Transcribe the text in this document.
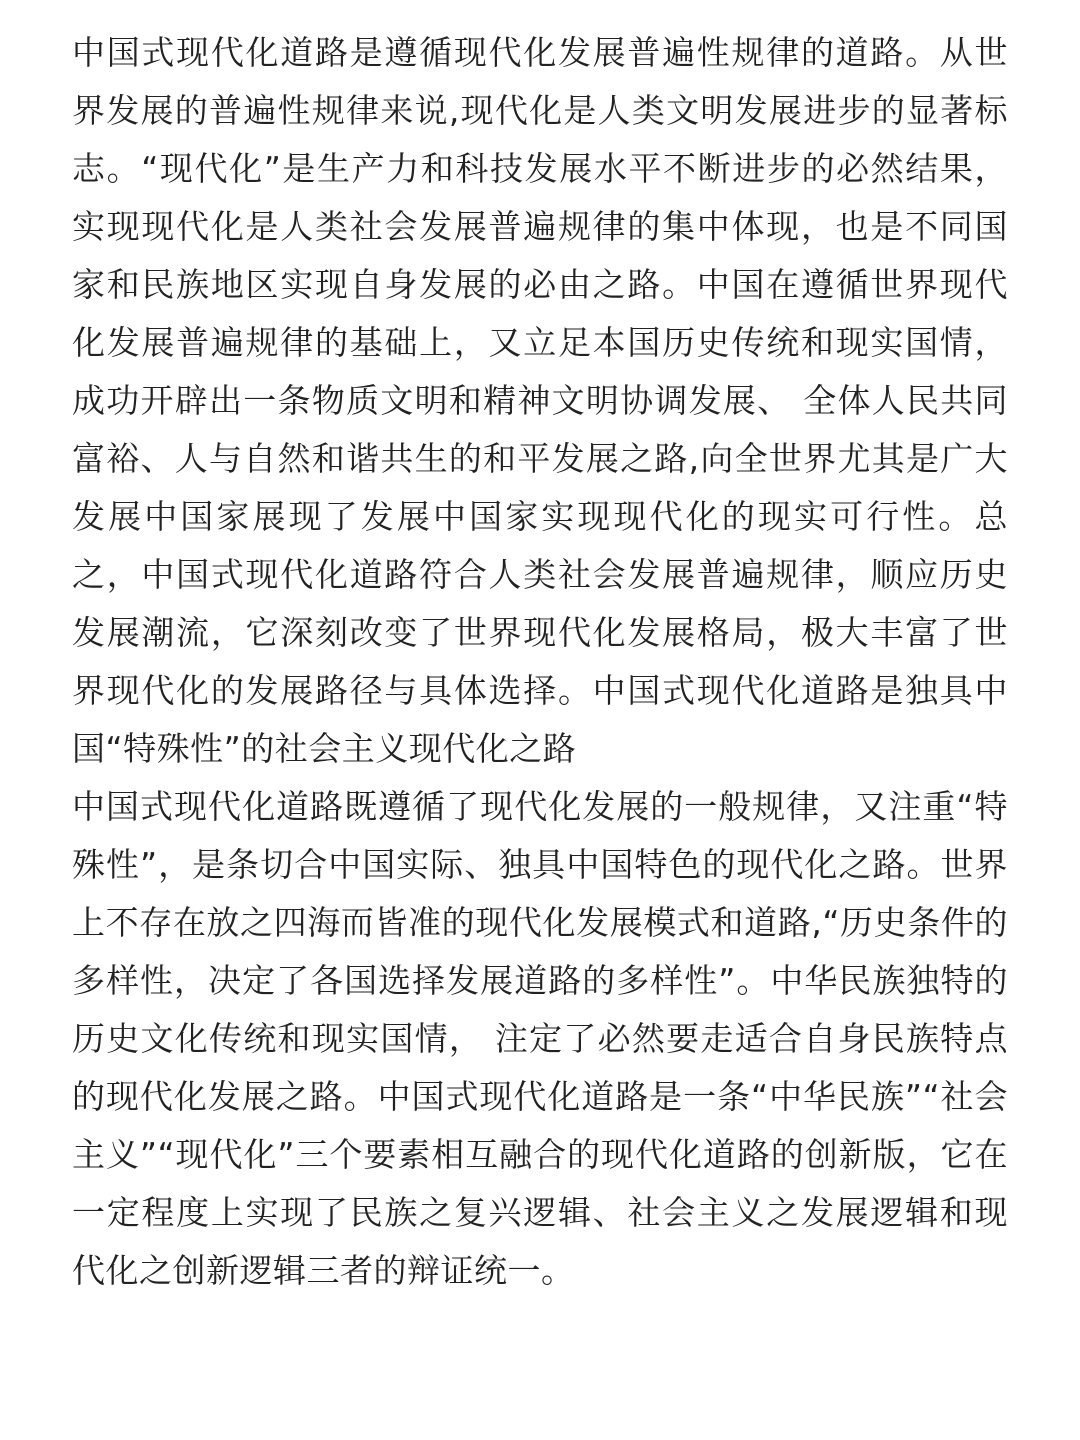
中国式现代化道路是遵循现代化发展普遍性规律的道路。从世界发展的普遍性规律来说,现代化是人类文明发展进步的显著标志。“现代化”是生产力和科技发展水平不断进步的必然结果，实现现代化是人类社会发展普遍规律的集中体现，也是不同国家和民族地区实现自身发展的必由之路。中国在遵循世界现代化发展普遍规律的基础上，又立足本国历史传统和现实国情，成功开辟出一条物质文明和精神文明协调发展、 全体人民共同富裕、人与自然和谐共生的和平发展之路,向全世界尤其是广大发展中国家展现了发展中国家实现现代化的现实可行性。总之，中国式现代化道路符合人类社会发展普遍规律，顺应历史发展潮流，它深刻改变了世界现代化发展格局，极大丰富了世界现代化的发展路径与具体选择。中国式现代化道路是独具中国“特殊性”的社会主义现代化之路

中国式现代化道路既遵循了现代化发展的一般规律，又注重“特殊性”，是条切合中国实际、独具中国特色的现代化之路。世界上不存在放之四海而皆准的现代化发展模式和道路,“历史条件的多样性，决定了各国选择发展道路的多样性”。中华民族独特的历史文化传统和现实国情， 注定了必然要走适合自身民族特点的现代化发展之路。中国式现代化道路是一条“中华民族”“社会主义”“现代化”三个要素相互融合的现代化道路的创新版，它在一定程度上实现了民族之复兴逻辑、社会主义之发展逻辑和现代化之创新逻辑三者的辩证统一。
